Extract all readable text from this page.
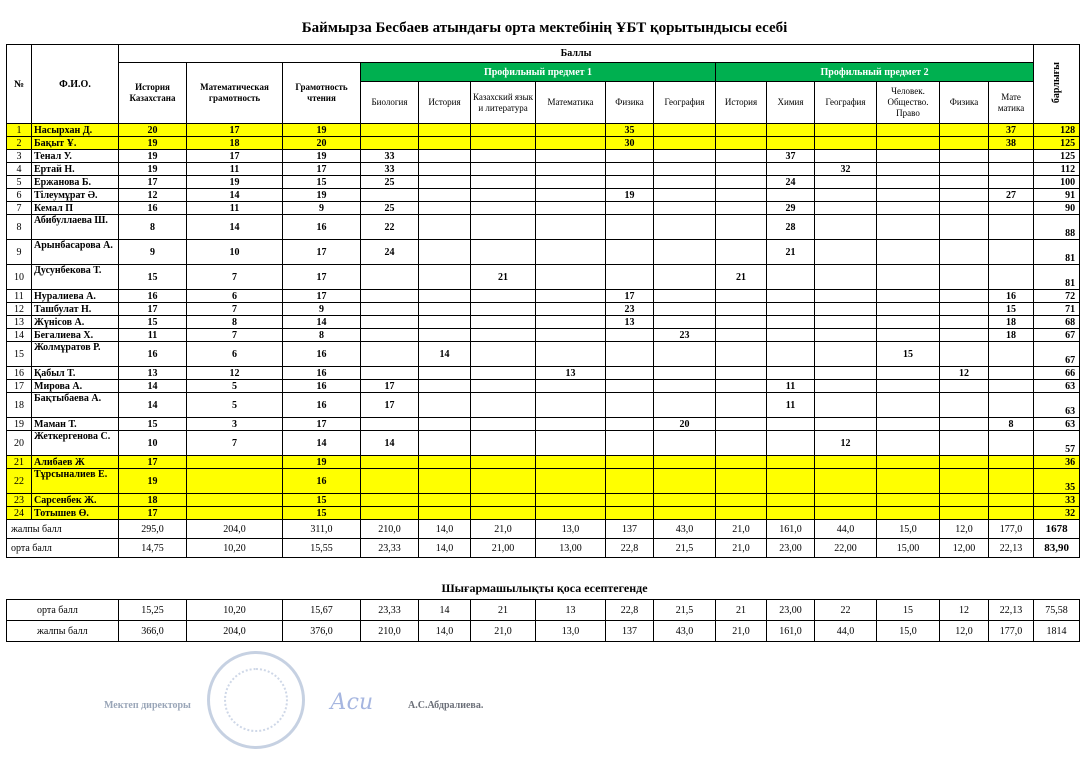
Баймырза Бесбаев атындағы орта мектебінің ҰБТ қорытындысы есебі
№	Ф.И.О.	Баллы															барлығы
		История Казахстана	Математическая грамотность	Грамотность чтения	Профильный предмет 1						Профильный предмет 2						
					Биология	История	Казахский язык и литература	Математика	Физика	География	История	Химия	География	Человек. Общество. Право	Физика	Мате матика	
1	Насырхан Д.	20	17	19					35							37	128
2	Бақыт Ұ.	19	18	20					30							38	125
3	Тенал У.	19	17	19	33							37					125
4	Ертай Н.	19	11	17	33								32				112
5	Ержанова Б.	17	19	15	25							24					100
6	Тілеумұрат Ә.	12	14	19					19							27	91
7	Кемал П	16	11	9	25							29					90
8	Абибуллаева Ш.	8	14	16	22							28					88
9	Арынбасарова А.	9	10	17	24							21					81
10	Дусунбекова Т.	15	7	17			21				21						81
11	Нуралиева А.	16	6	17					17							16	72
12	Ташбулат Н.	17	7	9					23							15	71
13	Жүнісов А.	15	8	14					13							18	68
14	Бегалиева Х.	11	7	8						23						18	67
15	Жолмұратов Р.	16	6	16		14								15			67
16	Қабыл Т.	13	12	16				13							12		66
17	Мирова А.	14	5	16	17							11					63
18	Бақтыбаева А.	14	5	16	17							11					63
19	Маман Т.	15	3	17						20						8	63
20	Жеткергенова С.	10	7	14	14								12				57
21	Алибаев Ж	17		19													36
22	Тұрсыналиев Е.	19		16													35
23	Сарсенбек Ж.	18		15													33
24	Тотышев Ө.	17		15													32
жалпы балл		295,0	204,0	311,0	210,0	14,0	21,0	13,0	137	43,0	21,0	161,0	44,0	15,0	12,0	177,0	1678
орта балл		14,75	10,20	15,55	23,33	14,0	21,00	13,00	22,8	21,5	21,0	23,00	22,00	15,00	12,00	22,13	83,90
Шығармашылықты қоса есептегенде
орта балл	15,25	10,20	15,67	23,33	14	21	13	22,8	21,5	21	23,00	22	15	12	22,13	75,58
жалпы балл	366,0	204,0	376,0	210,0	14,0	21,0	13,0	137	43,0	21,0	161,0	44,0	15,0	12,0	177,0	1814
Мектеп директоры	Аси	А.С.Абдралиева.
